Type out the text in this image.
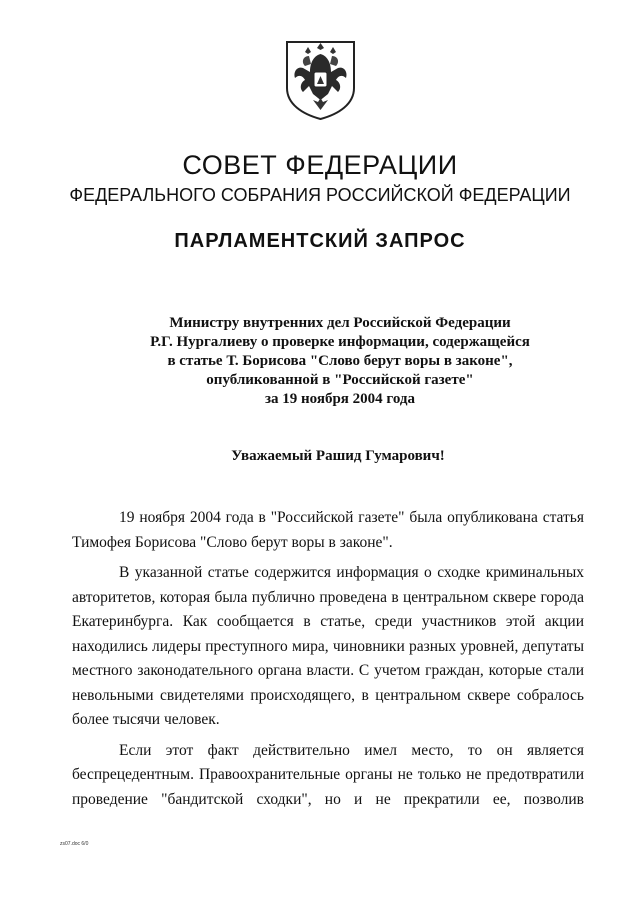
СОВЕТ ФЕДЕРАЦИИ
ФЕДЕРАЛЬНОГО СОБРАНИЯ РОССИЙСКОЙ ФЕДЕРАЦИИ
ПАРЛАМЕНТСКИЙ ЗАПРОС
Министру внутренних дел Российской Федерации
Р.Г. Нургалиеву о проверке информации, содержащейся
в статье Т. Борисова "Слово берут воры в законе",
опубликованной в "Российской газете"
за 19 ноября 2004 года
Уважаемый Рашид Гумарович!
19 ноября 2004 года в "Российской газете" была опубликована статья
Тимофея Борисова "Слово берут воры в законе".
В указанной статье содержится информация о сходке криминальных
авторитетов, которая была публично проведена в центральном сквере города
Екатеринбурга. Как сообщается в статье, среди участников этой акции
находились лидеры преступного мира, чиновники разных уровней, депутаты
местного законодательного органа власти. С учетом граждан, которые стали
невольными свидетелями происходящего, в центральном сквере собралось
более тысячи человек.
Если этот факт действительно имел место, то он является
беспрецедентным. Правоохранительные органы не только не предотвратили
проведение "бандитской сходки", но и не прекратили ее, позволив
zs07.doc 6/0
